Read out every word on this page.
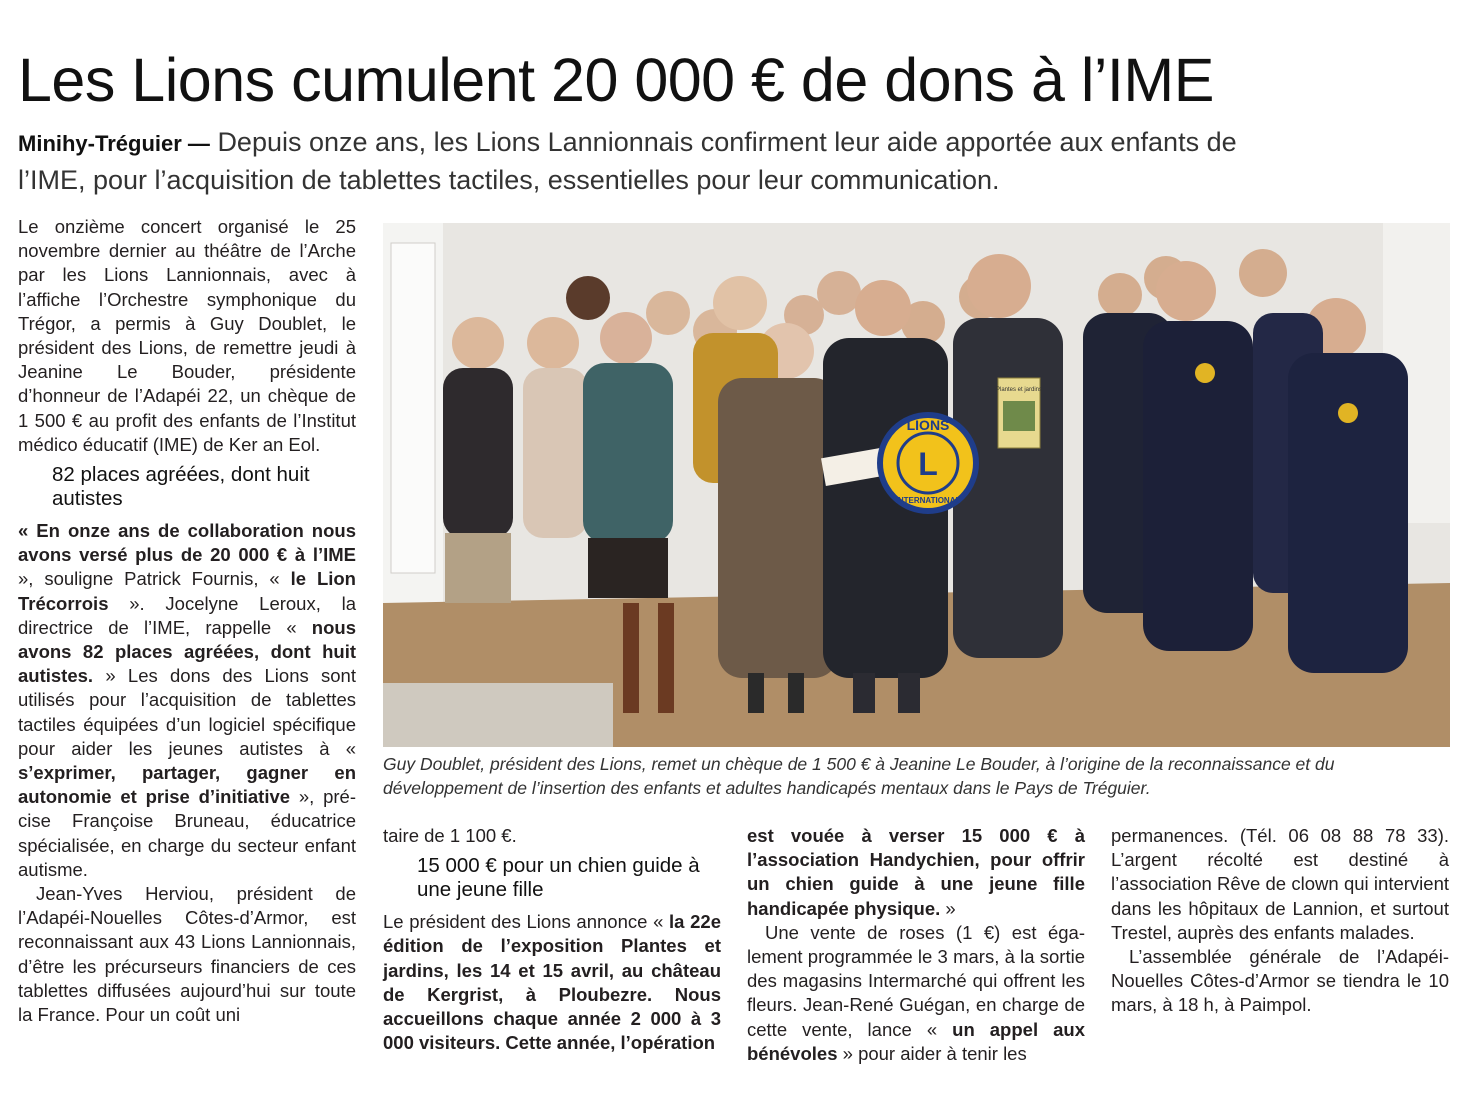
Les Lions cumulent 20 000 € de dons à l’IME
Minihy-Tréguier — Depuis onze ans, les Lions Lannionnais confirment leur aide apportée aux enfants de l’IME, pour l’acquisition de tablettes tactiles, essentielles pour leur communication.

Le onzième concert organisé le 25 novembre dernier au théâtre de l’Arche par les Lions Lannionnais, avec à l’affiche l’Orchestre symphonique du Trégor, a permis à Guy Doublet, le président des Lions, de remettre jeudi à Jeanine Le Bouder, présidente d’honneur de l’Adapéi 22, un chèque de 1 500 € au profit des enfants de l’Institut médico éducatif (IME) de Ker an Eol.

82 places agréées, dont huit autistes

« En onze ans de collaboration nous avons versé plus de 20 000 € à l’IME », souligne Patrick Fournis, « le Lion Trécorrois ». Jocelyne Leroux, la directrice de l’IME, rappelle « nous avons 82 places agréées, dont huit autistes. » Les dons des Lions sont utilisés pour l’acquisition de tablettes tactiles équipées d’un logiciel spécifique pour aider les jeunes autistes à « s’exprimer, partager, gagner en autonomie et prise d’initiative », précise Françoise Bruneau, éducatrice spécialisée, en charge du secteur enfant autisme.

Jean-Yves Herviou, président de l’Adapéi-Nouelles Côtes-d’Armor, est reconnaissant aux 43 Lions Lannionnais, d’être les précurseurs financiers de ces tablettes diffusées aujourd’hui sur toute la France. Pour un coût uni

LIONS
L
INTERNATIONAL
Plantes et jardins
Guy Doublet, président des Lions, remet un chèque de 1 500 € à Jeanine Le Bouder, à l’origine de la reconnaissance et du développement de l’insertion des enfants et adultes handicapés mentaux dans le Pays de Tréguier.

taire de 1 100 €.

15 000 € pour un chien guide à une jeune fille

Le président des Lions annonce « la 22e édition de l’exposition Plantes et jardins, les 14 et 15 avril, au château de Kergrist, à Ploubezre. Nous accueillons chaque année 2 000 à 3 000 visiteurs. Cette année, l’opération

est vouée à verser 15 000 € à l’association Handychien, pour offrir un chien guide à une jeune fille handicapée physique. »

Une vente de roses (1 €) est également programmée le 3 mars, à la sortie des magasins Intermarché qui offrent les fleurs. Jean-René Guégan, en charge de cette vente, lance « un appel aux bénévoles » pour aider à tenir les

permanences. (Tél. 06 08 88 78 33). L’argent récolté est destiné à l’association Rêve de clown qui intervient dans les hôpitaux de Lannion, et surtout Trestel, auprès des enfants malades.

L’assemblée générale de l’Adapéi-Nouelles Côtes-d’Armor se tiendra le 10 mars, à 18 h, à Paimpol.
